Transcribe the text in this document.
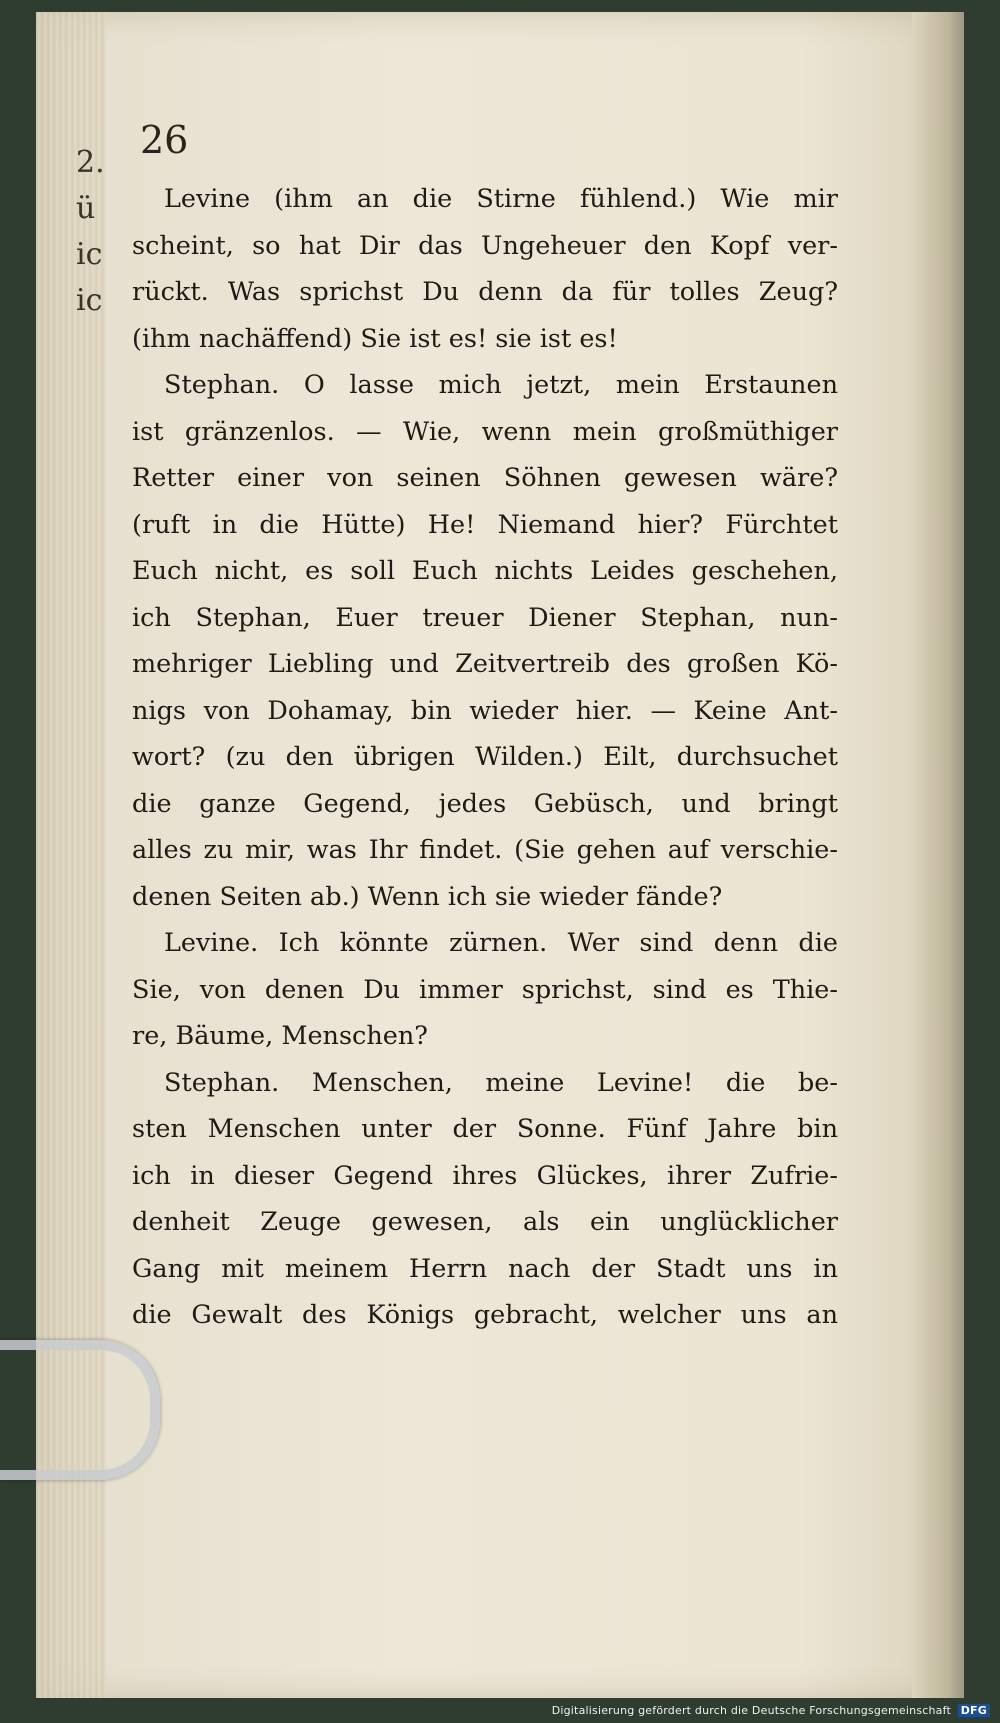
2.
ü
ic
ic
26
Levine (ihm an die Stirne fühlend.) Wie mir
scheint, so hat Dir das Ungeheuer den Kopf ver-
rückt. Was sprichst Du denn da für tolles Zeug?
(ihm nachäffend) Sie ist es! sie ist es!
Stephan. O lasse mich jetzt, mein Erstaunen
ist gränzenlos. — Wie, wenn mein großmüthiger
Retter einer von seinen Söhnen gewesen wäre?
(ruft in die Hütte) He! Niemand hier? Fürchtet
Euch nicht, es soll Euch nichts Leides geschehen,
ich Stephan, Euer treuer Diener Stephan, nun-
mehriger Liebling und Zeitvertreib des großen Kö-
nigs von Dohamay, bin wieder hier. — Keine Ant-
wort? (zu den übrigen Wilden.) Eilt, durchsuchet
die ganze Gegend, jedes Gebüsch, und bringt
alles zu mir, was Ihr findet. (Sie gehen auf verschie-
denen Seiten ab.) Wenn ich sie wieder fände?
Levine. Ich könnte zürnen. Wer sind denn die
Sie, von denen Du immer sprichst, sind es Thie-
re, Bäume, Menschen?
Stephan. Menschen, meine Levine! die be-
sten Menschen unter der Sonne. Fünf Jahre bin
ich in dieser Gegend ihres Glückes, ihrer Zufrie-
denheit Zeuge gewesen, als ein unglücklicher
Gang mit meinem Herrn nach der Stadt uns in
die Gewalt des Königs gebracht, welcher uns an
Digitalisierung gefördert durch die Deutsche Forschungsgemeinschaft DFG
